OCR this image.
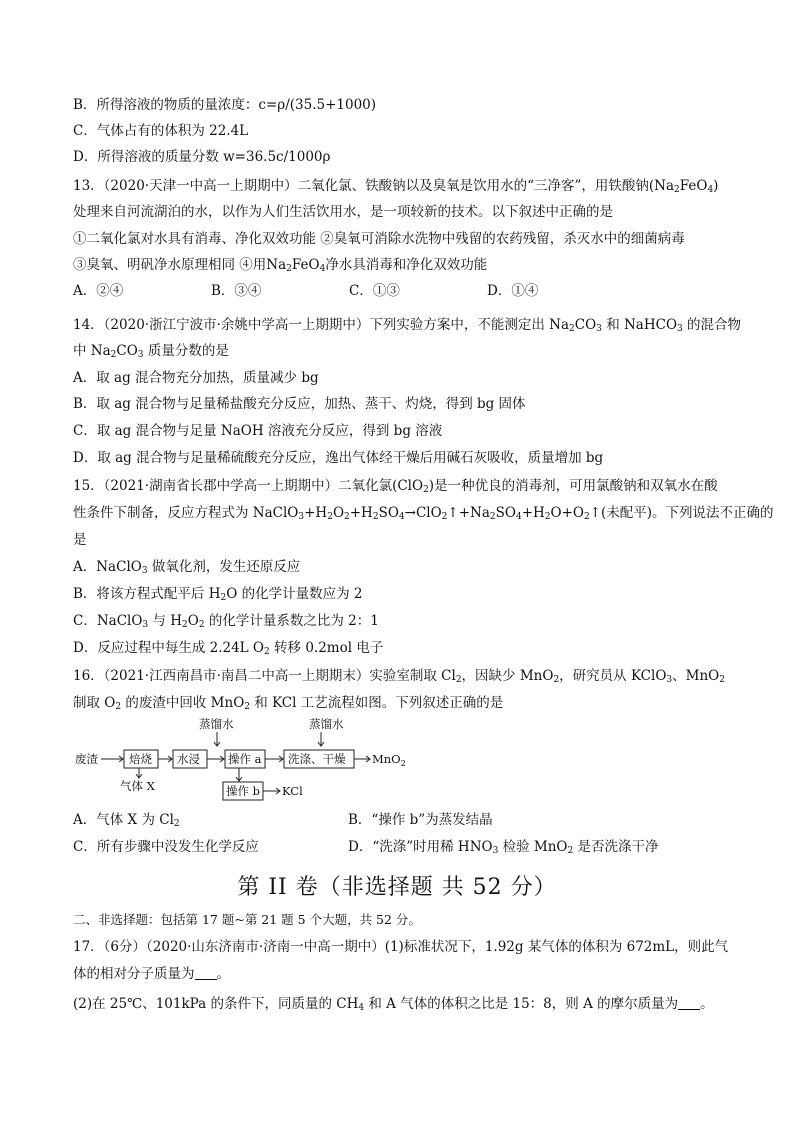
B．所得溶液的物质的量浓度：c=ρ/(35.5+1000)
C．气体占有的体积为 22.4L
D．所得溶液的质量分数 w=36.5c/1000ρ
13．（2020·天津一中高一上期期中）二氧化氯、铁酸钠以及臭氧是饮用水的“三净客”，用铁酸钠$(Na_2FeO_4)$
处理来自河流湖泊的水，以作为人们生活饮用水，是一项较新的技术。以下叙述中正确的是
①二氧化氯对水具有消毒、净化双效功能 ②臭氧可消除水洗物中残留的农药残留，杀灭水中的细菌病毒
③臭氧、明矾净水原理相同 ④用$Na_2FeO_4$净水具消毒和净化双效功能
A．②④	B．③④	C．①③	D．①④
14．（2020·浙江宁波市·余姚中学高一上期期中）下列实验方案中，不能测定出 $Na_2CO_3$ 和 NaHCO$_3$ 的混合物
中 $Na_2CO_3$ 质量分数的是
A．取 ag 混合物充分加热，质量减少 bg
B．取 ag 混合物与足量稀盐酸充分反应，加热、蒸干、灼烧，得到 bg 固体
C．取 ag 混合物与足量 NaOH 溶液充分反应，得到 bg 溶液
D．取 ag 混合物与足量稀硫酸充分反应，逸出气体经干燥后用碱石灰吸收，质量增加 bg
15．（2021·湖南省长郡中学高一上期期中）二氧化氯(ClO$_2$)是一种优良的消毒剂，可用氯酸钠和双氧水在酸
性条件下制备，反应方程式为 $NaClO_3+H_2O_2+H_2SO_4\to ClO_2↑+Na_2SO_4+H_2O+O_2↑$(未配平)。下列说法不正确的
是
A．NaClO$_3$ 做氧化剂，发生还原反应
B．将该方程式配平后 $H_2O$ 的化学计量数应为 2
C．NaClO$_3$ 与 $H_2O_2$ 的化学计量系数之比为 2：1
D．反应过程中每生成 2.24L $O_2$ 转移 0.2mol 电子
16．（2021·江西南昌市·南昌二中高一上期期末）实验室制取 $Cl_2$，因缺少 MnO$_2$，研究员从 KClO$_3$、MnO$_2$
制取 $O_2$ 的废渣中回收 MnO$_2$ 和 KCl 工艺流程如图。下列叙述正确的是
蒸馏水	蒸馏水
废渣	焙烧
气体 X
水浸 操作 a 洗涤、干燥 MnO$_2$
操作 b KCl
A．气体 X 为 $Cl_2$	B．“操作 b”为蒸发结晶
C．所有步骤中没发生化学反应	D．“洗涤”时用稀 $HNO_3$ 检验 MnO$_2$ 是否洗涤干净
第 II 卷（非选择题 共 52 分）
二、非选择题：包括第 17 题~第 21 题 5 个大题，共 52 分。
17．（6分）（2020·山东济南市·济南一中高一期中）(1)标准状况下，1.92g 某气体的体积为 672mL，则此气
体的相对分子质量为 。
(2)在 25℃、101kPa 的条件下，同质量的 $CH_4$ 和 A 气体的体积之比是 15：8，则 A 的摩尔质量为 。
